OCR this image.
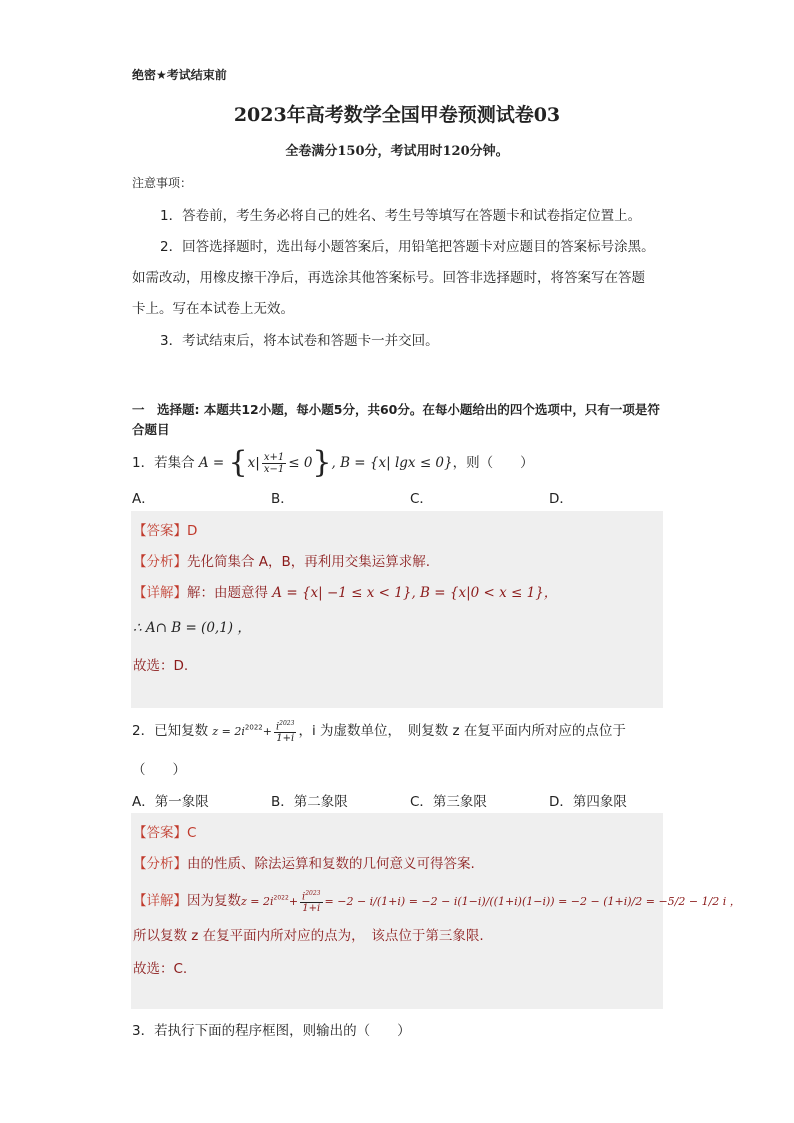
绝密★考试结束前
2023年高考数学全国甲卷预测试卷03
全卷满分150分，考试用时120分钟。
注意事项：
1．答卷前，考生务必将自己的姓名、考生号等填写在答题卡和试卷指定位置上。
2．回答选择题时，选出每小题答案后，用铅笔把答题卡对应题目的答案标号涂黑。
如需改动，用橡皮擦干净后，再选涂其他答案标号。回答非选择题时，将答案写在答题
卡上。写在本试卷上无效。
3．考试结束后，将本试卷和答题卡一并交回。
一　选择题: 本题共12小题，每小题5分，共60分。在每小题给出的四个选项中，只有一项是符合题目
1．若集合 $A = \{x| \frac{x+1}{x-1} \le 0\}$, B = {x| lgx ≤ 0}，则（　　）
A．	B．	C．	D．
【答案】D
【分析】先化简集合 A，B，再利用交集运算求解.
【详解】解：由题意得 A = {x| −1 ≤ x < 1}, B = {x|0 < x ≤ 1}，
∴ A∩ B = (0,1) ，
故选：D.
2．已知复数 $z = 2i^{2022}+ \frac{i^{2023}}{1+i}$ ，i 为虚数单位，　则复数 z 在复平面内所对应的点位于
（　　）
A．第一象限	B．第二象限	C．第三象限	D．第四象限
【答案】C
【分析】由的性质、除法运算和复数的几何意义可得答案.
【详解】因为复数$z = 2i^{2022}+ \frac{i^{2023}}{1+i} = -2 - i/(1+i) = -2 - i(1-i)/((1+i)(1-i)) = -2 - (1+i)/2 = -5/2 - 1/2$ i ，
所以复数 z 在复平面内所对应的点为，　该点位于第三象限.
故选：C.
3．若执行下面的程序框图，则输出的（　　）
